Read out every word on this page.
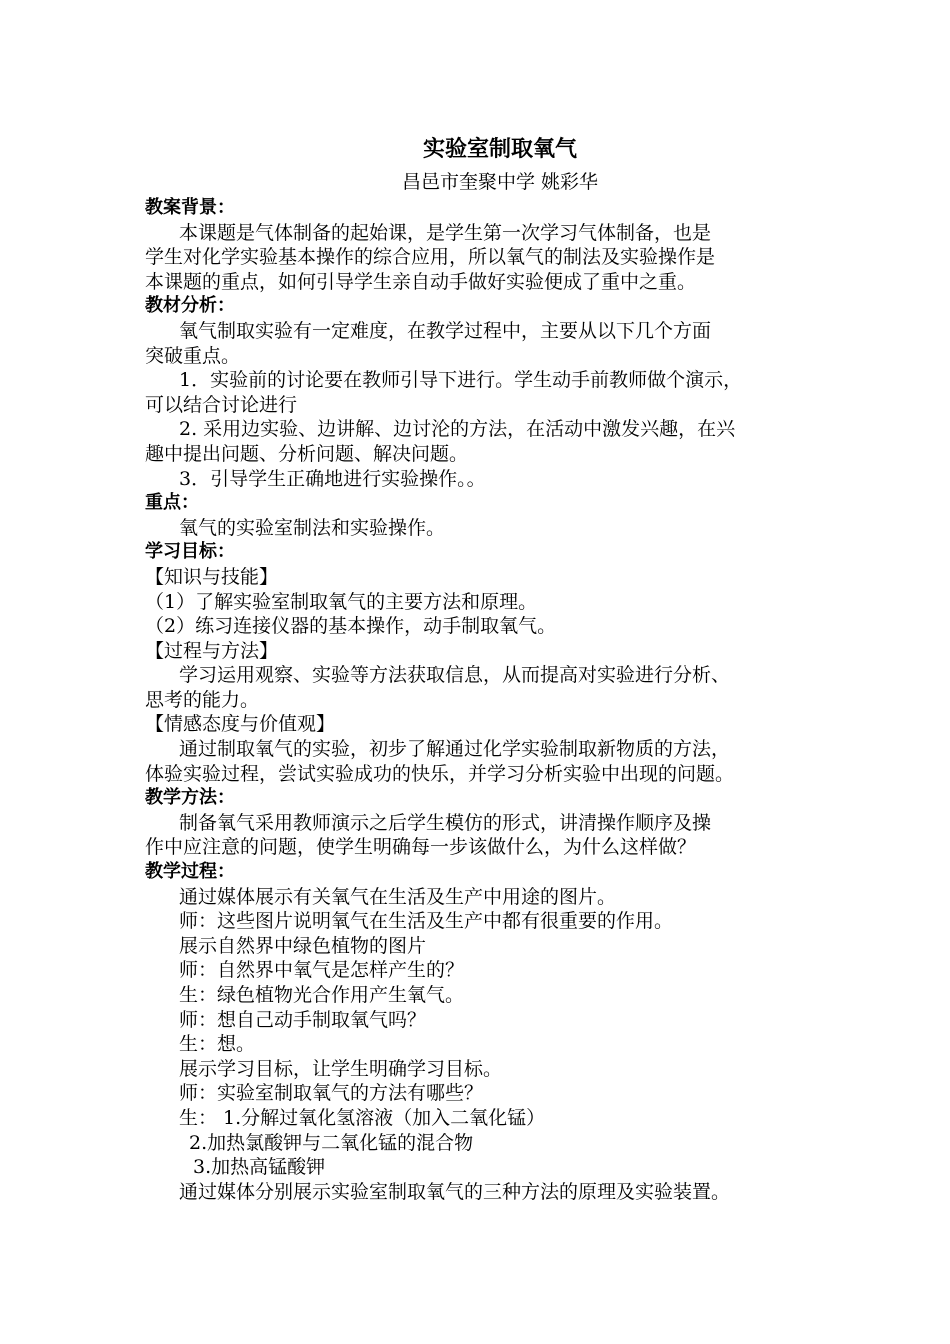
实验室制取氧气
昌邑市奎聚中学 姚彩华
教案背景：
本课题是气体制备的起始课，是学生第一次学习气体制备，也是
学生对化学实验基本操作的综合应用，所以氧气的制法及实验操作是
本课题的重点，如何引导学生亲自动手做好实验便成了重中之重。
教材分析：
氧气制取实验有一定难度，在教学过程中，主要从以下几个方面
突破重点。
1．实验前的讨论要在教师引导下进行。学生动手前教师做个演示，
可以结合讨论进行
2. 采用边实验、边讲解、边讨沦的方法，在活动中激发兴趣，在兴
趣中提出问题、分析问题、解决问题。
3．引导学生正确地进行实验操作。。
重点：
氧气的实验室制法和实验操作。
学习目标：
【知识与技能】
（1）了解实验室制取氧气的主要方法和原理。
（2）练习连接仪器的基本操作，动手制取氧气。
【过程与方法】
学习运用观察、实验等方法获取信息，从而提高对实验进行分析、
思考的能力。
【情感态度与价值观】
通过制取氧气的实验，初步了解通过化学实验制取新物质的方法，
体验实验过程，尝试实验成功的快乐，并学习分析实验中出现的问题。
教学方法：
制备氧气采用教师演示之后学生模仿的形式，讲清操作顺序及操
作中应注意的问题，使学生明确每一步该做什么，为什么这样做？
教学过程：
通过媒体展示有关氧气在生活及生产中用途的图片。
师：这些图片说明氧气在生活及生产中都有很重要的作用。
展示自然界中绿色植物的图片
师：自然界中氧气是怎样产生的？
生：绿色植物光合作用产生氧气。
师：想自己动手制取氧气吗？
生：想。
展示学习目标，让学生明确学习目标。
师：实验室制取氧气的方法有哪些？
生： 1.分解过氧化氢溶液（加入二氧化锰）
2.加热氯酸钾与二氧化锰的混合物
3.加热高锰酸钾
通过媒体分别展示实验室制取氧气的三种方法的原理及实验装置。
